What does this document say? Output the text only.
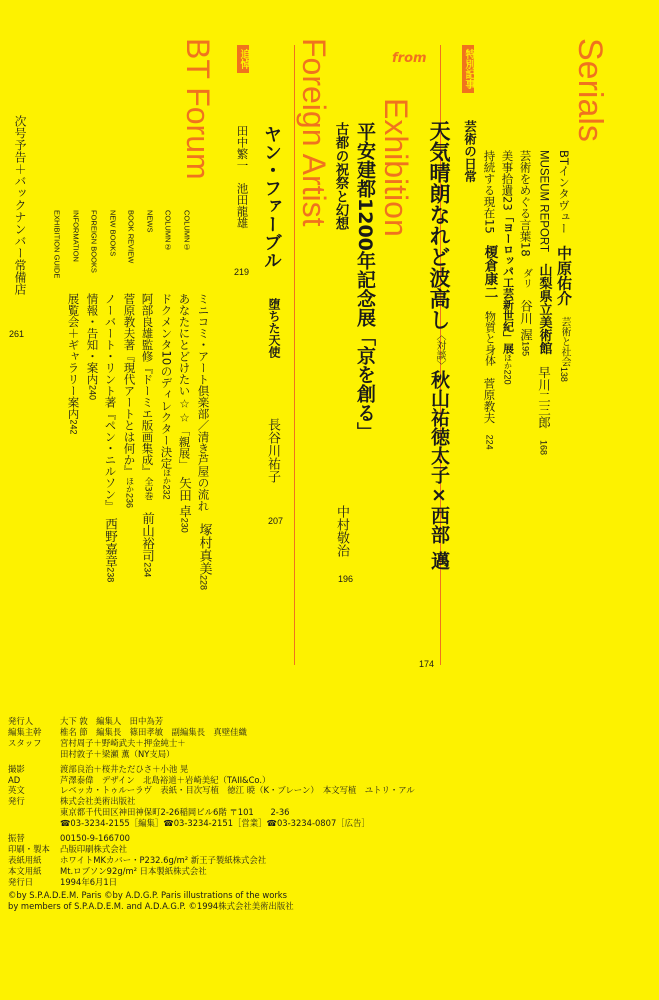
Serials
Exhibition
from
Foreign Artist
BT Forum
BTインタヴュー　中原佑介　芸術と社会138
MUSEUM REPORT　山梨県立美術館　早川二三郎　168
芸術をめぐる言葉18　ダリ　谷川 渥195
美事拾遺23「ヨーロッパ工芸新世紀」展ほか220
持続する現在15　榎倉康二　物質と身体　菅原教夫　224
特別記事
芸術の日常
天気晴朗なれど波高し〈対談〉秋山祐徳太子×西部 邁
174
平安建都1200年記念展「京を創る」
古都の祝祭と幻想
中村敬治
196
ヤン・ファーブル
堕ちた天使
長谷川祐子
207
追悼
田中繁一　池田龍雄
219
COLUMN①
COLUMN②
NEWS
BOOK REVIEW
NEW BOOKS
FOREIGN BOOKS
INFORMATION
EXHIBITION GUIDE
ミニコミ・アート倶楽部／清き芦屋の流れ　塚村真美228
あなたにとどけたい☆☆「親展」　矢田 卓230
ドクメンタ10のディレクター決定ほか232
阿部良雄監修『ドーミエ版画集成』全3巻　前山裕司234
菅原教夫著『現代アートとは何か』ほか236
ノーバート・リント著『ペン・ニルソン』　西野嘉章238
情報・告知・案内240
展覧会＋ギャラリー案内242
次号予告＋バックナンバー常備店
261
発行人	大下 敦　編集人　田中為芳
編集主幹	椎名 節　編集長　篠田孝敏　副編集長　真壁佳織
スタッフ	宮村周子＋野崎武夫＋押金純士＋
田村敦子＋梁瀬 薫（NY支局）
撮影	渡部良治＋桜井ただひさ＋小池 晃
AD	芦澤泰偉　デザイン　北島裕道＋岩崎美紀（TAII&Co.）
英文	レベッカ・トゥルーラヴ　表紙・目次写植　徳江 暁（K・ブレーン）　本文写植　ユトリ・アル
発行	株式会社美術出版社
東京都千代田区神田神保町2-26稲岡ビル6階 〒101　　2-36
☎03-3234-2155［編集］☎03-3234-2151［営業］☎03-3234-0807［広告］
振替	00150-9-166700
印刷・製本	凸版印刷株式会社
表紙用紙	ホワイトMKカバー・P232.6g/m² 新王子製紙株式会社
本文用紙	Mt.ロブソン92g/m² 日本製紙株式会社
発行日	1994年6月1日
©by S.P.A.D.E.M. Paris ©by A.D.G.P. Paris illustrations of the works
by members of S.P.A.D.E.M. and A.D.A.G.P. ©1994株式会社美術出版社
